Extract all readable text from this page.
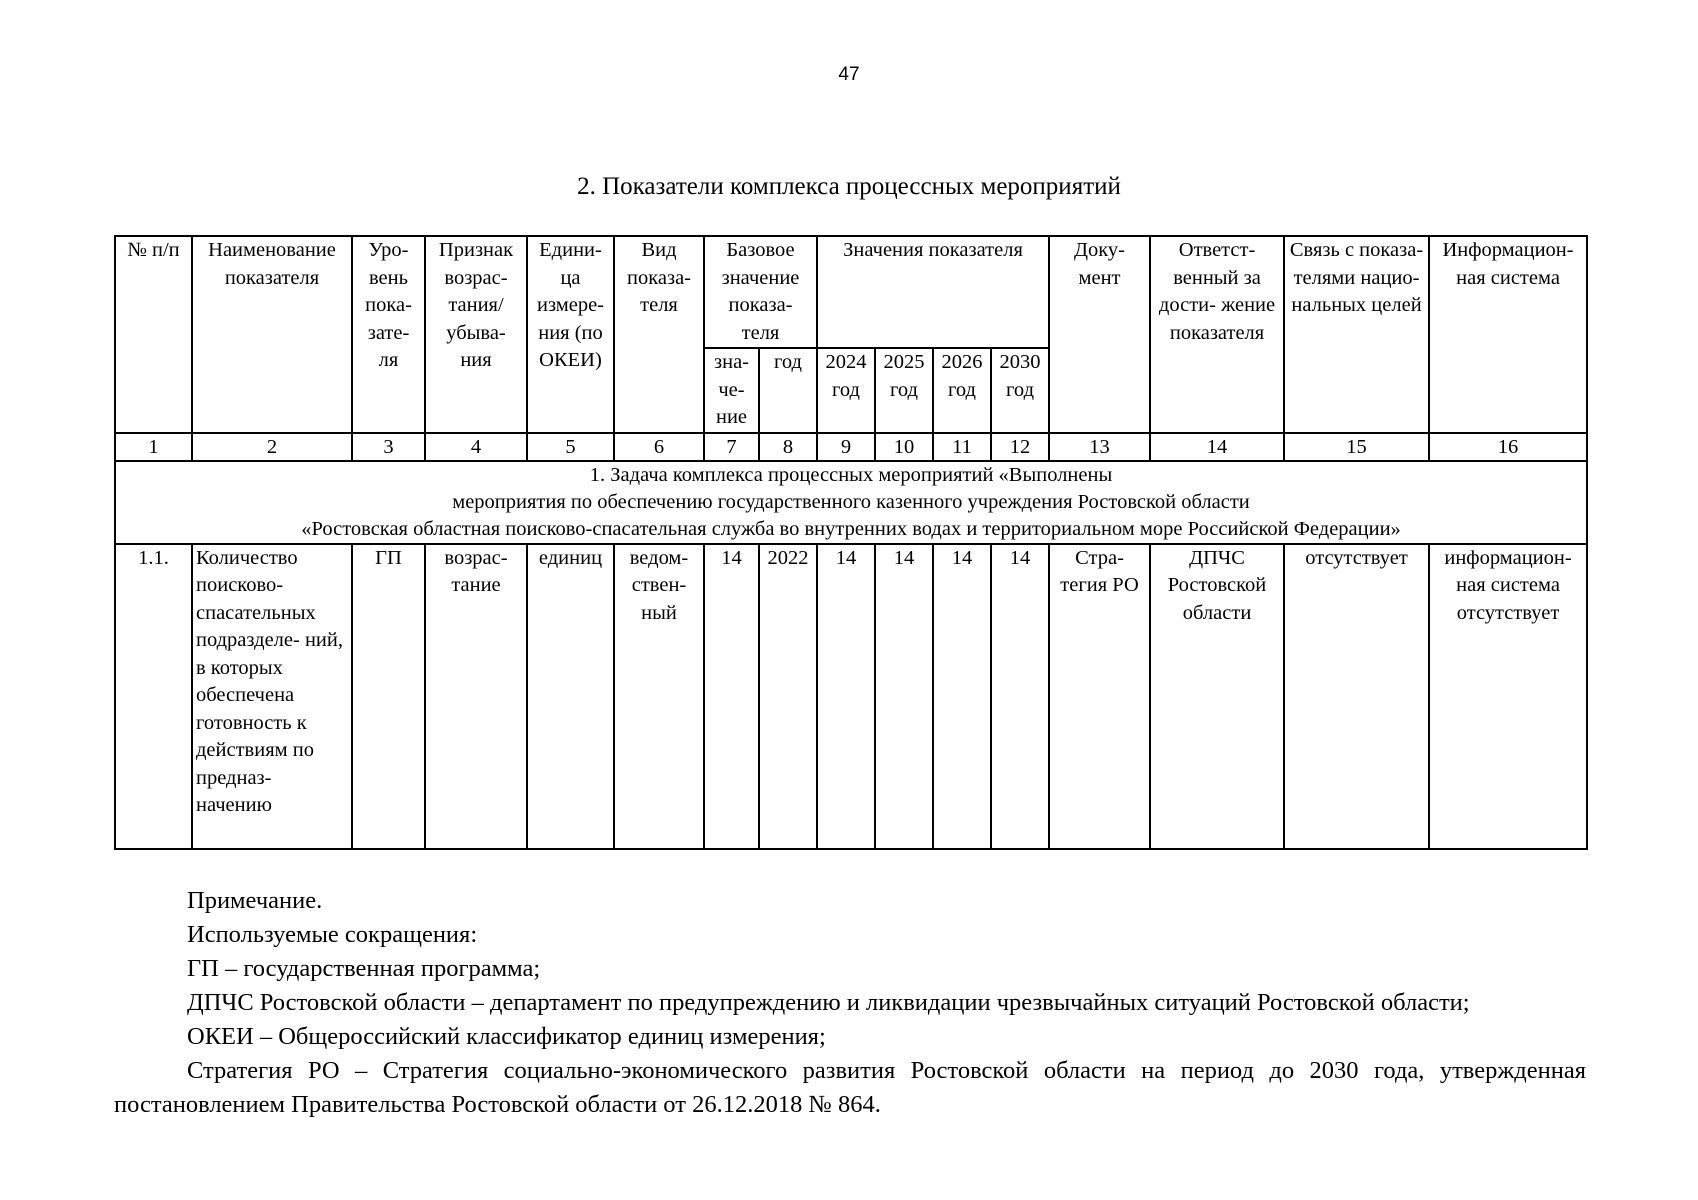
47
2. Показатели комплекса процессных мероприятий
№ п/п	Наименование показателя	Уро- вень пока- зате- ля	Признак возрас- тания/ убыва- ния	Едини- ца измере- ния (по ОКЕИ)	Вид показа- теля	Базовое значение показа- теля		Значения показателя				Доку- мент	Ответст- венный за дости- жение показателя	Связь с показа- телями нацио- нальных целей	Информацион- ная система
						зна- че- ние	год	2024 год	2025 год	2026 год	2030 год				
1	2	3	4	5	6	7	8	9	10	11	12	13	14	15	16

1. Задача комплекса процессных мероприятий «Выполнены
мероприятия по обеспечению государственного казенного учреждения Ростовской области
«Ростовская областная поисково-спасательная служба во внутренних водах и территориальном море Российской Федерации»															

1.1.	Количество поисково- спасательных подразделе- ний, в которых обеспечена готовность к действиям по предназ- начению	ГП	возрас- тание	единиц	ведом- ствен- ный	14	2022	14	14	14	14	Стра- тегия РО	ДПЧС Ростовской области	отсутствует	информацион- ная система отсутствует

Примечание.

Используемые сокращения:

ГП – государственная программа;

ДПЧС Ростовской области – департамент по предупреждению и ликвидации чрезвычайных ситуаций Ростовской области;

ОКЕИ – Общероссийский классификатор единиц измерения;

Стратегия РО – Стратегия социально-экономического развития Ростовской области на период до 2030 года, утвержденная постановлением Правительства Ростовской области от 26.12.2018 № 864.
